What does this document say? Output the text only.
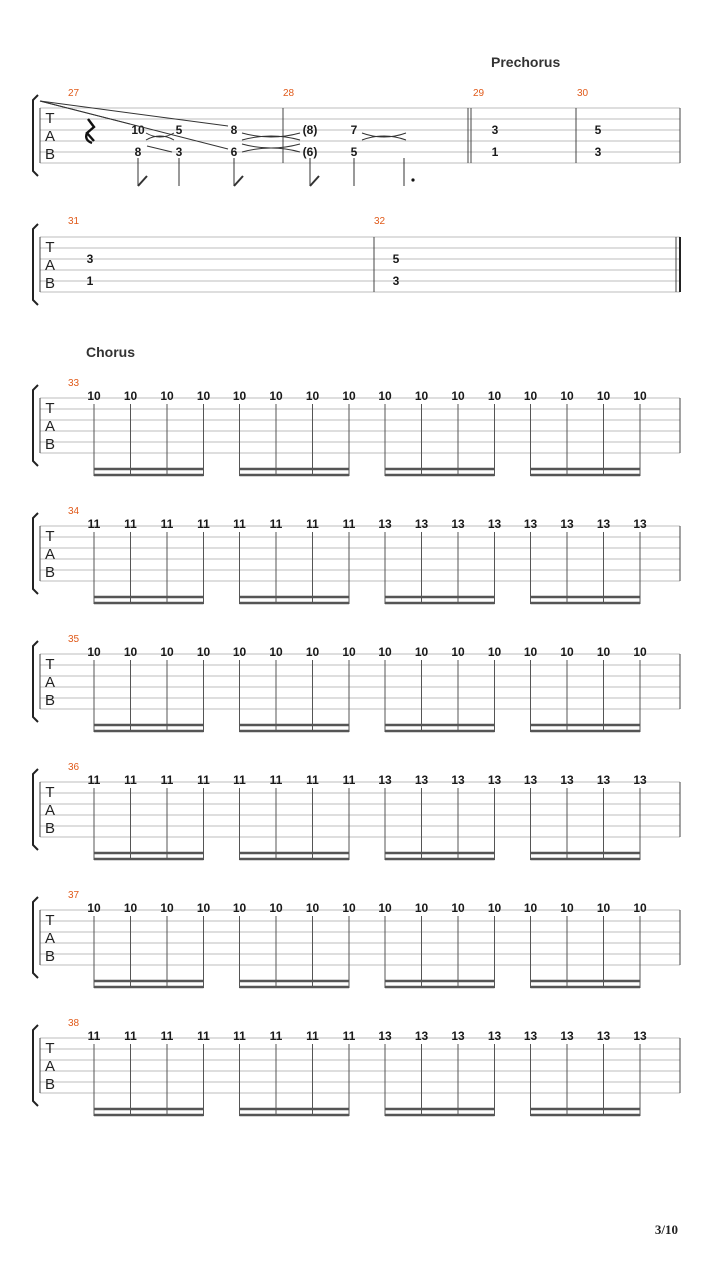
Prechorus
Chorus
T
A
B
27	28	29	30
10
8
5
3
8
6
(8)
(6)
7
5
3
1
5
3
T
A
B
31
3
1
32
5
3
T
A
B
33
10 10 10 10 10 10 10 10 10 10 10 10 10 10 10 10
T
A
B
34
11 11 11 11 11 11 11 11 13 13 13 13 13 13 13 13
T
A
B
35
10 10 10 10 10 10 10 10 10 10 10 10 10 10 10 10
T
A
B
36
11 11 11 11 11 11 11 11 13 13 13 13 13 13 13 13
T
A
B
37
10 10 10 10 10 10 10 10 10 10 10 10 10 10 10 10
T
A
B
38
11 11 11 11 11 11 11 11 13 13 13 13 13 13 13 13
3/10
